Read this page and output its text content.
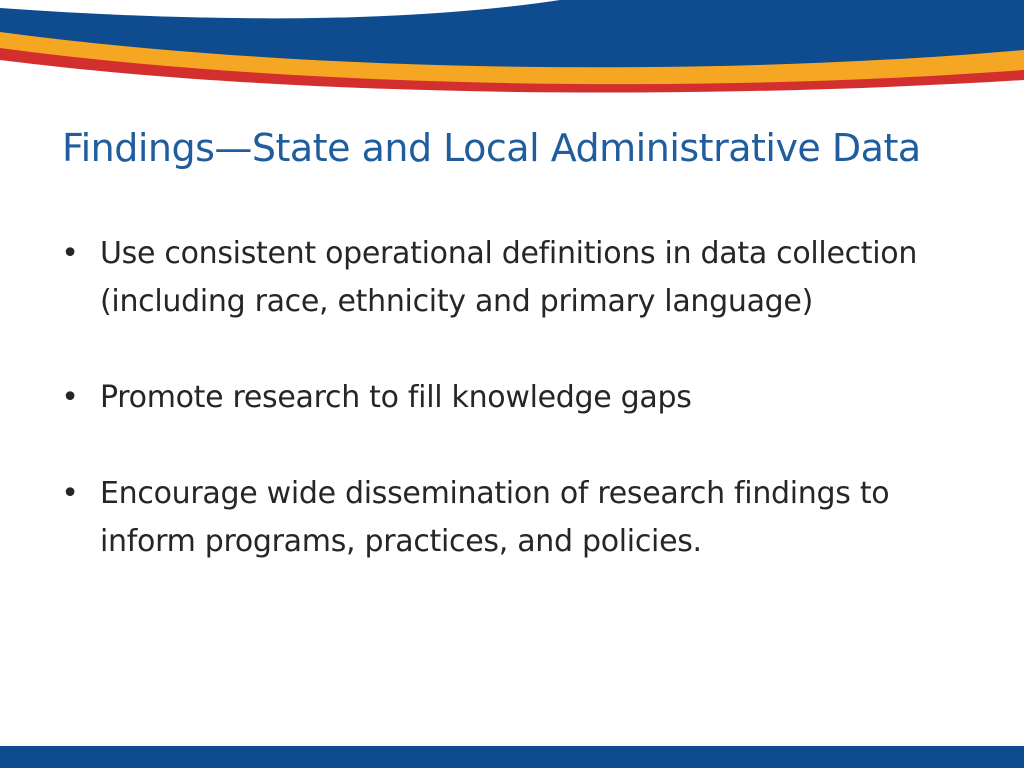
Findings—State and Local Administrative Data
• Use consistent operational definitions in data collection (including race, ethnicity and primary language)
• Promote research to fill knowledge gaps
• Encourage wide dissemination of research findings to inform programs, practices, and policies.
